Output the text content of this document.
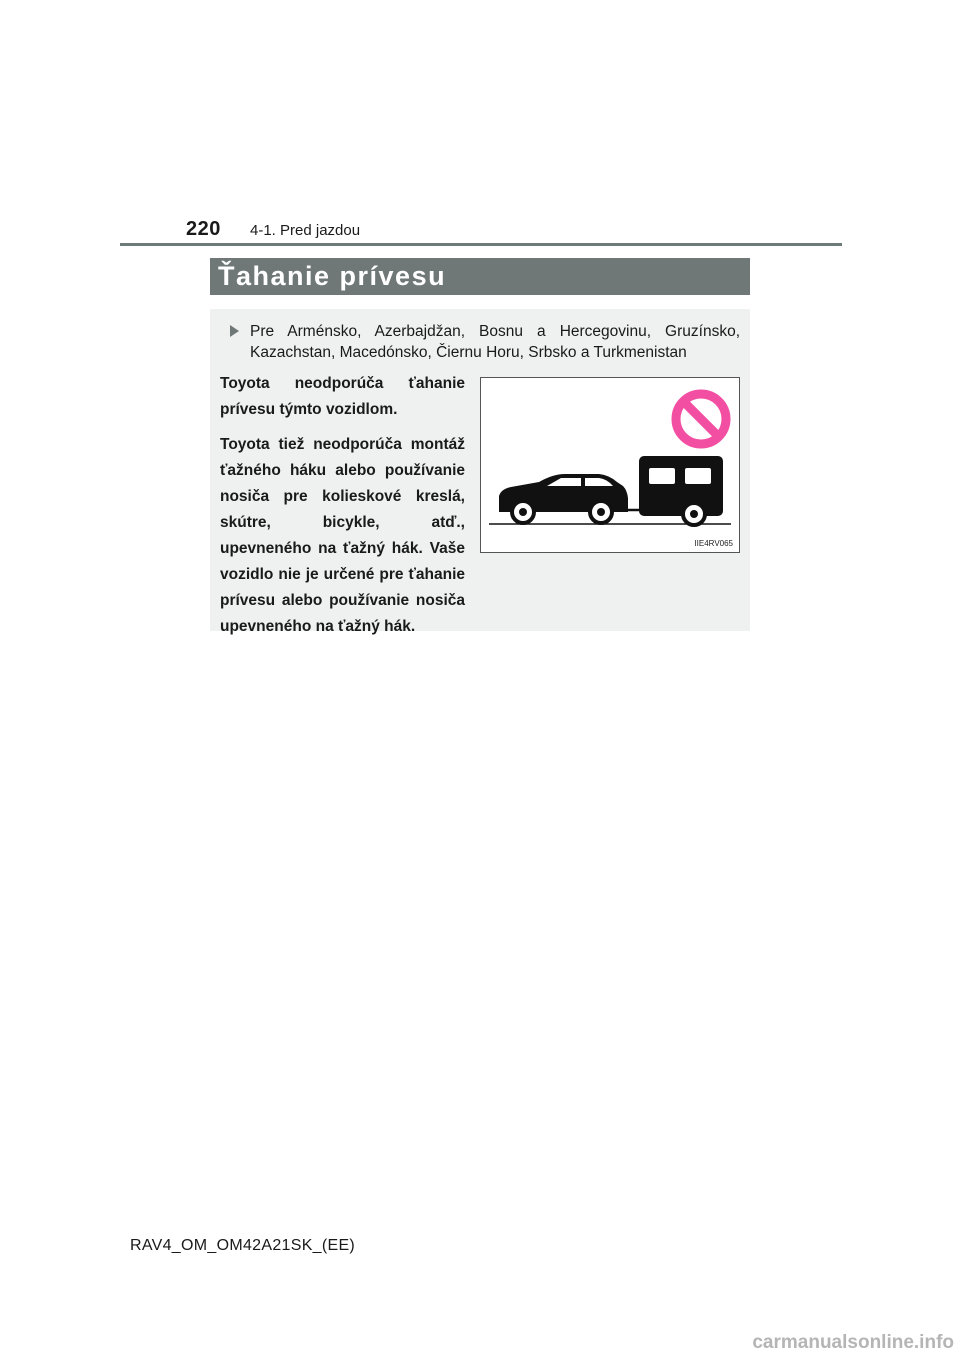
220 4-1. Pred jazdou
Ťahanie prívesu
Pre Arménsko, Azerbajdžan, Bosnu a Hercegovinu, Gruzínsko, Kazachstan, Macedónsko, Čiernu Horu, Srbsko a Turkmenistan

Toyota neodporúča ťahanie prívesu týmto vozidlom.

Toyota tiež neodporúča montáž ťažného háku alebo používanie nosiča pre kolieskové kreslá, skútre, bicykle, atď., upevneného na ťažný hák. Vaše vozidlo nie je určené pre ťahanie prívesu alebo používanie nosiča upevneného na ťažný hák.

IIE4RV065
RAV4_OM_OM42A21SK_(EE)
carmanualsonline.info
